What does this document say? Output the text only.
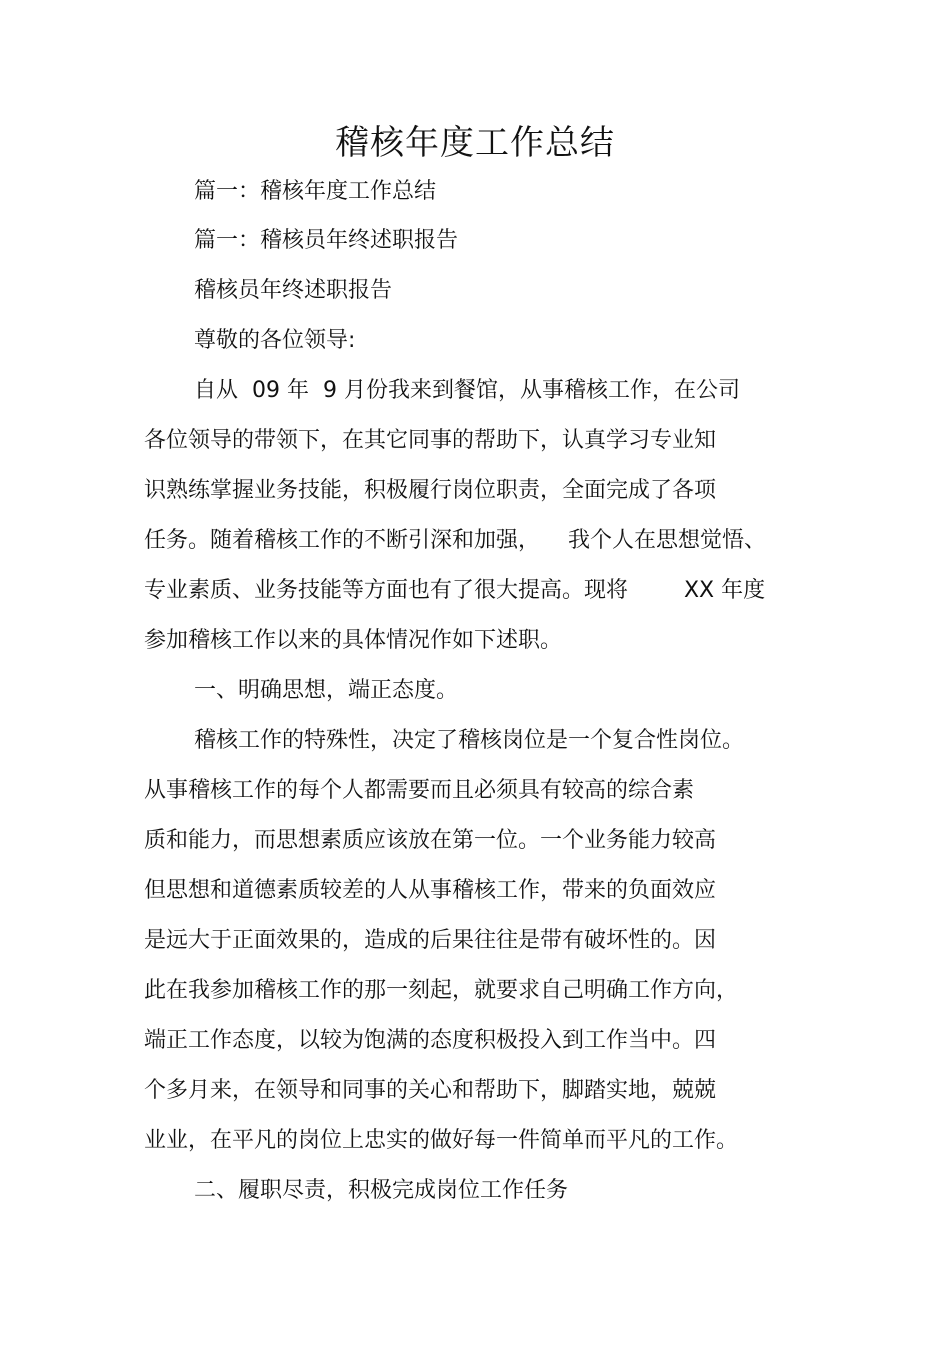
稽核年度工作总结
篇一：稽核年度工作总结
篇一：稽核员年终述职报告
稽核员年终述职报告
尊敬的各位领导:
自从  09 年  9 月份我来到餐馆，从事稽核工作，在公司
各位领导的带领下，在其它同事的帮助下，认真学习专业知
识熟练掌握业务技能，积极履行岗位职责，全面完成了各项
任务。随着稽核工作的不断引深和加强，    我个人在思想觉悟、
专业素质、业务技能等方面也有了很大提高。现将        XX 年度
参加稽核工作以来的具体情况作如下述职。
一、明确思想，端正态度。
稽核工作的特殊性，决定了稽核岗位是一个复合性岗位。
从事稽核工作的每个人都需要而且必须具有较高的综合素
质和能力，而思想素质应该放在第一位。一个业务能力较高
但思想和道德素质较差的人从事稽核工作，带来的负面效应
是远大于正面效果的，造成的后果往往是带有破坏性的。因
此在我参加稽核工作的那一刻起，就要求自己明确工作方向，
端正工作态度，以较为饱满的态度积极投入到工作当中。四
个多月来，在领导和同事的关心和帮助下，脚踏实地，兢兢
业业，在平凡的岗位上忠实的做好每一件简单而平凡的工作。
二、履职尽责，积极完成岗位工作任务
